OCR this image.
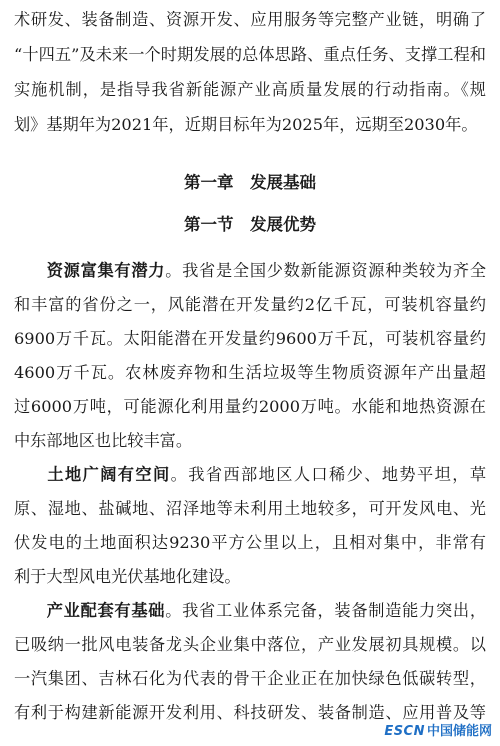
术研发、装备制造、资源开发、应用服务等完整产业链，明确了
“十四五”及未来一个时期发展的总体思路、重点任务、支撑工程和
实施机制，是指导我省新能源产业高质量发展的行动指南。《规
划》基期年为2021年，近期目标年为2025年，远期至2030年。
第一章　发展基础
第一节　发展优势
资源富集有潜力。我省是全国少数新能源资源种类较为齐全
和丰富的省份之一，风能潜在开发量约2亿千瓦，可装机容量约
6900万千瓦。太阳能潜在开发量约9600万千瓦，可装机容量约
4600万千瓦。农林废弃物和生活垃圾等生物质资源年产出量超
过6000万吨，可能源化利用量约2000万吨。水能和地热资源在
中东部地区也比较丰富。
土地广阔有空间。我省西部地区人口稀少、地势平坦，草
原、湿地、盐碱地、沼泽地等未利用土地较多，可开发风电、光
伏发电的土地面积达9230平方公里以上，且相对集中，非常有
利于大型风电光伏基地化建设。
产业配套有基础。我省工业体系完备，装备制造能力突出，
已吸纳一批风电装备龙头企业集中落位，产业发展初具规模。以
一汽集团、吉林石化为代表的骨干企业正在加快绿色低碳转型，
有利于构建新能源开发利用、科技研发、装备制造、应用普及等
ESCN 中国储能网
